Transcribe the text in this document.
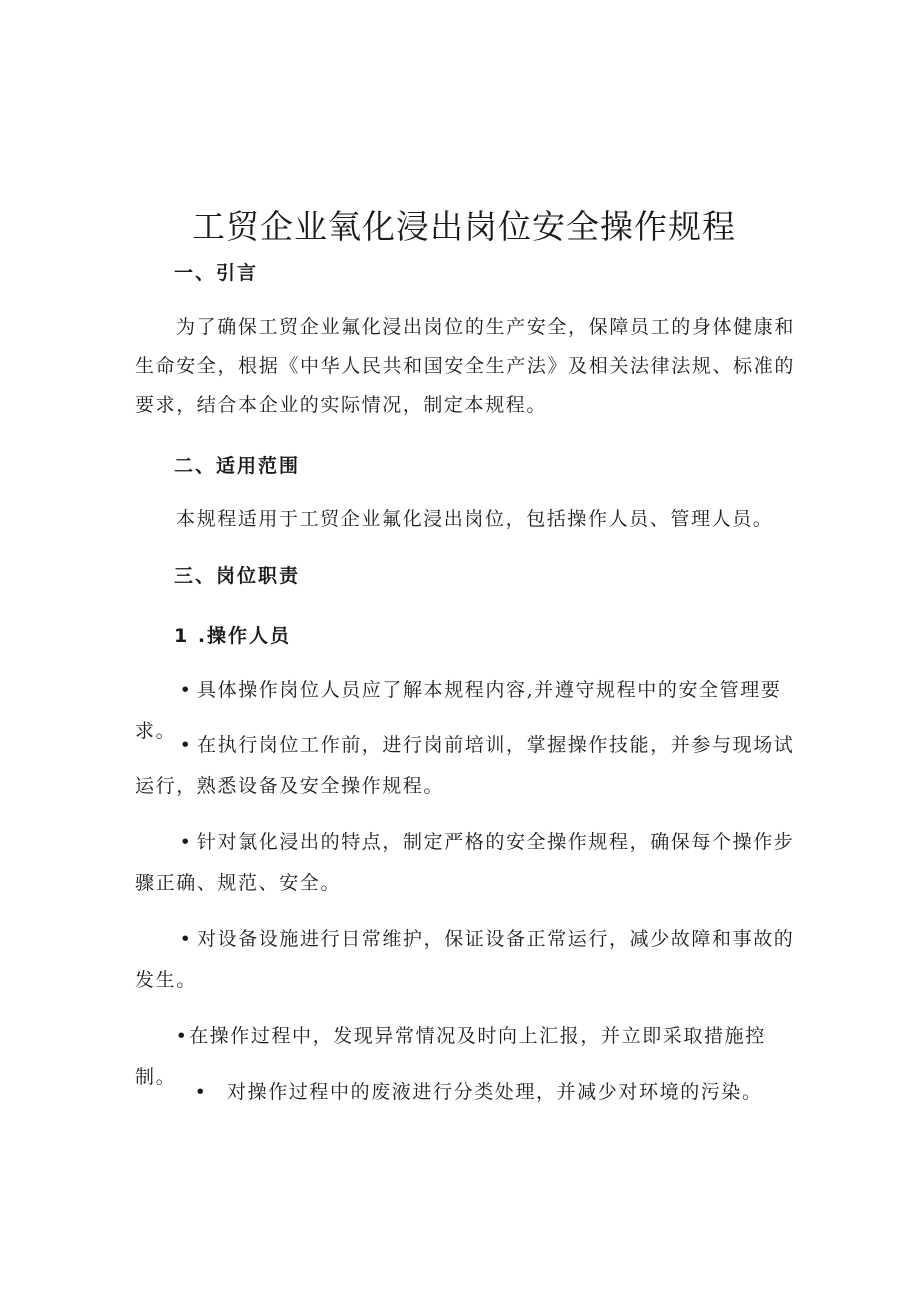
工贸企业氧化浸出岗位安全操作规程
一、引言

为了确保工贸企业氟化浸出岗位的生产安全，保障员工的身体健康和生命安全，根据《中华人民共和国安全生产法》及相关法律法规、标准的要求，结合本企业的实际情况，制定本规程。

二、适用范围

本规程适用于工贸企业氟化浸出岗位，包括操作人员、管理人员。

三、岗位职责
1 .操作人员

• 具体操作岗位人员应了解本规程内容,并遵守规程中的安全管理要求。

• 在执行岗位工作前，进行岗前培训，掌握操作技能，并参与现场试运行，熟悉设备及安全操作规程。

• 针对氯化浸出的特点，制定严格的安全操作规程，确保每个操作步骤正确、规范、安全。

• 对设备设施进行日常维护，保证设备正常运行，减少故障和事故的发生。

•在操作过程中，发现异常情况及时向上汇报，并立即采取措施控制。

• 对操作过程中的废液进行分类处理，并减少对环境的污染。
